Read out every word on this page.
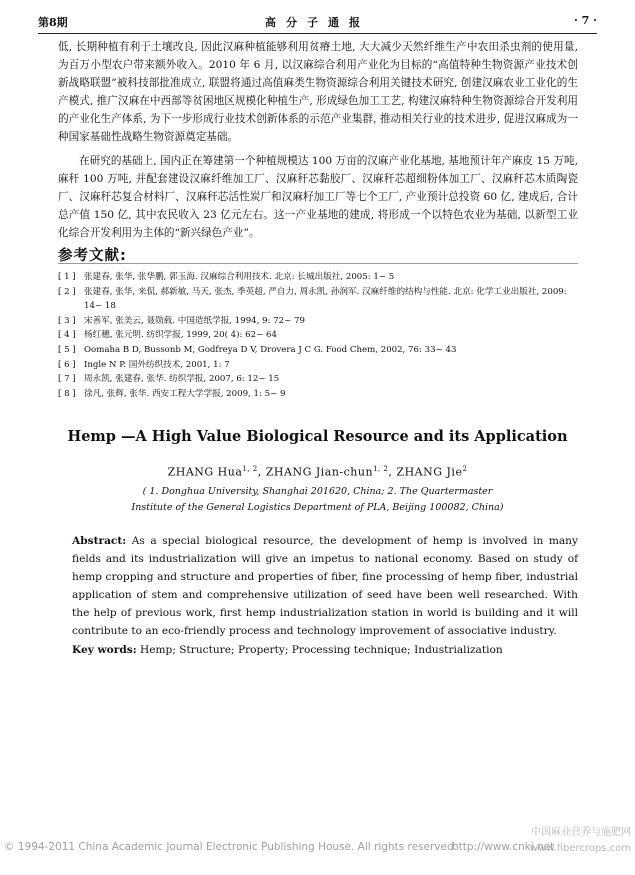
第8期	高分子通报	· 7 ·

低, 长期种植有利于土壤改良, 因此汉麻种植能够利用贫瘠土地, 大大减少天然纤维生产中农田杀虫剂的使用量, 为百万小型农户带来额外收入。2010 年 6 月, 以汉麻综合利用产业化为目标的“高值特种生物资源产业技术创新战略联盟”被科技部批准成立, 联盟将通过高值麻类生物资源综合利用关键技术研究, 创建汉麻农业工业化的生产模式, 推广汉麻在中西部等贫困地区规模化种植生产, 形成绿色加工工艺, 构建汉麻特种生物资源综合开发利用的产业化生产体系, 为下一步形成行业技术创新体系的示范产业集群, 推动相关行业的技术进步, 促进汉麻成为一种国家基础性战略生物资源奠定基础。

在研究的基础上, 国内正在筹建第一个种植规模达 100 万亩的汉麻产业化基地, 基地预计年产麻皮 15 万吨, 麻秆 100 万吨, 并配套建设汉麻纤维加工厂、汉麻秆芯黏胶厂、汉麻秆芯超细粉体加工厂、汉麻秆芯木质陶瓷厂、汉麻秆芯复合材料厂、汉麻秆芯活性炭厂和汉麻籽加工厂等七个工厂, 产业预计总投资 60 亿, 建成后, 合计总产值 150 亿, 其中农民收入 23 亿元左右。这一产业基地的建成, 将形成一个以特色农业为基础, 以新型工业化综合开发利用为主体的“新兴绿色产业”。

参考文献:
[ 1 ] 张建春, 张华, 张华鹏, 郭玉海. 汉麻综合利用技术. 北京: 长城出版社, 2005: 1~ 5
[ 2 ] 张建春, 张华, 来侃, 郝新敏, 马天, 张杰, 季英超, 严自力, 周永凯, 孙润军. 汉麻纤维的结构与性能. 北京: 化学工业出版社, 2009: 14~ 18
[ 3 ] 宋善军, 张美云, 聂勋载. 中国造纸学报, 1994, 9: 72~ 79
[ 4 ] 杨红穗, 张元明. 纺织学报, 1999, 20( 4): 62~ 64
[ 5 ] Oomaha B D, Bussonb M, Godfreya D V, Drovera J C G. Food Chem, 2002, 76: 33~ 43
[ 6 ] Ingle N P. 国外纺织技术, 2001, 1: 7
[ 7 ] 周永凯, 张建春, 张华. 纺织学报, 2007, 6: 12~ 15
[ 8 ] 徐凡, 张辉, 张华. 西安工程大学学报, 2009, 1: 5~ 9
Hemp —A High Value Biological Resource and its Application
ZHANG Hua$^{1, 2}$, ZHANG Jian-chun$^{1, 2}$, ZHANG Jie$^2$
( 1. Donghua University, Shanghai 201620, China; 2. The Quartermaster
Institute of the General Logistics Department of PLA, Beijing 100082, China)
Abstract: As a special biological resource, the development of hemp is involved in many fields and its industrialization will give an impetus to national economy. Based on study of hemp cropping and structure and properties of fiber, fine processing of hemp fiber, industrial application of stem and comprehensive utilization of seed have been well researched. With the help of previous work, first hemp industrialization station in world is building and it will contribute to an eco-friendly process and technology improvement of associative industry.
Key words: Hemp; Structure; Property; Processing technique; Industrialization
中国麻业营养与施肥网
www.fibercrops.com
© 1994-2011 China Academic Journal Electronic Publishing House. All rights reserved.
http://www.cnki.net
